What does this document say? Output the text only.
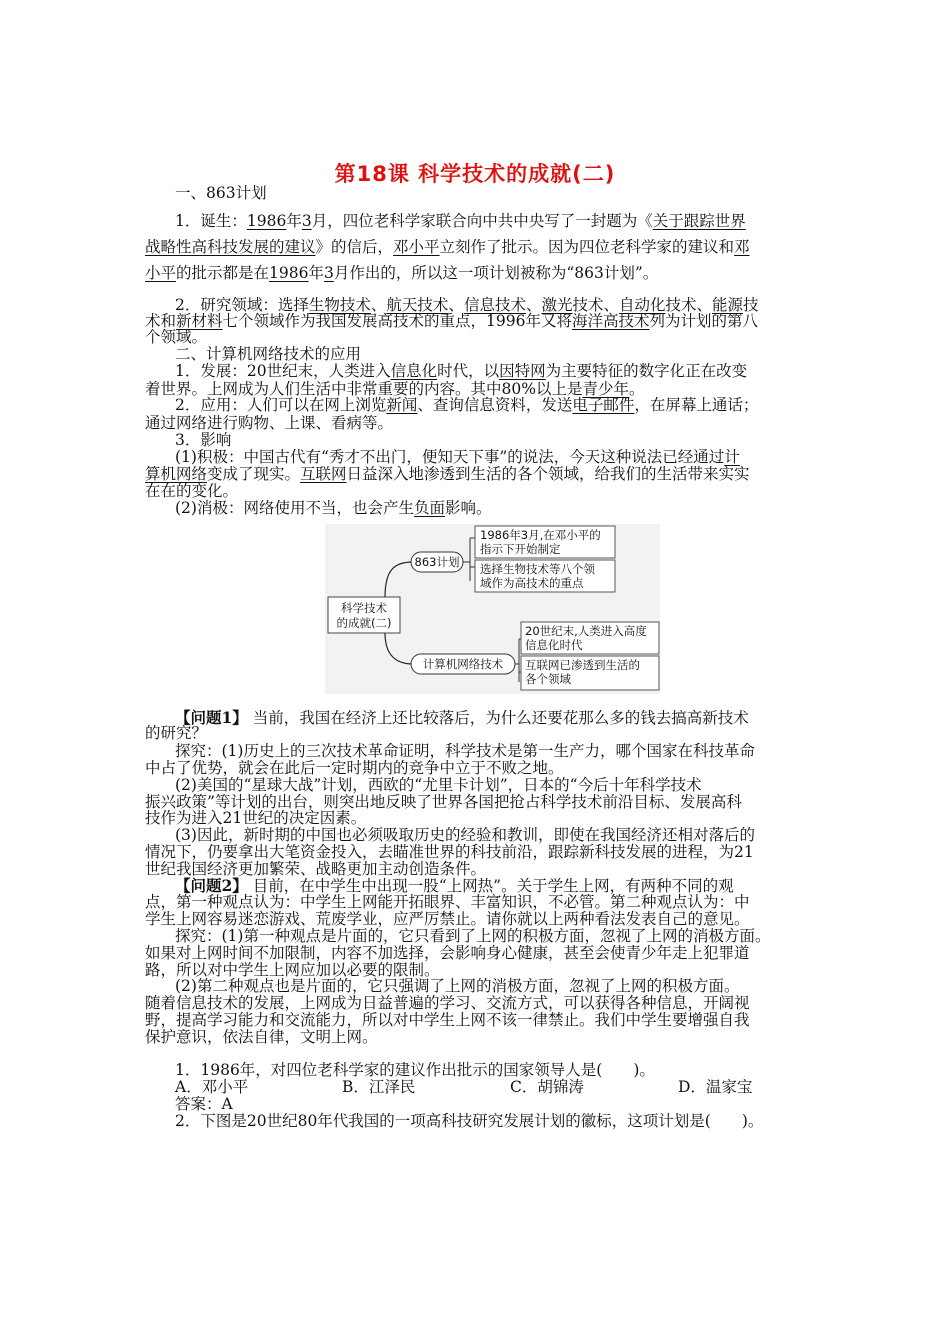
第18课 科学技术的成就(二)
一、863计划
1．诞生：1986年3月，四位老科学家联合向中共中央写了一封题为《关于跟踪世界
战略性高科技发展的建议》的信后，邓小平立刻作了批示。因为四位老科学家的建议和邓
小平的批示都是在1986年3月作出的，所以这一项计划被称为“863计划”。
2．研究领域：选择生物技术、航天技术、信息技术、激光技术、自动化技术、能源技
术和新材料七个领域作为我国发展高技术的重点，1996年又将海洋高技术列为计划的第八
个领域。
二、计算机网络技术的应用
1．发展：20世纪末，人类进入信息化时代，以因特网为主要特征的数字化正在改变
着世界。上网成为人们生活中非常重要的内容。其中80%以上是青少年。
2．应用：人们可以在网上浏览新闻、查询信息资料，发送电子邮件，在屏幕上通话；
通过网络进行购物、上课、看病等。
3．影响
(1)积极：中国古代有“秀才不出门，便知天下事”的说法，今天这种说法已经通过计
算机网络变成了现实。互联网日益深入地渗透到生活的各个领域，给我们的生活带来实实
在在的变化。
(2)消极：网络使用不当，也会产生负面影响。
科学技术
的成就(二)
863计划
1986年3月,在邓小平的
指示下开始制定
选择生物技术等八个领
域作为高技术的重点
计算机网络技术
20世纪末,人类进入高度
信息化时代
互联网已渗透到生活的
各个领域
【问题1】 当前，我国在经济上还比较落后，为什么还要花那么多的钱去搞高新技术
的研究？
探究：(1)历史上的三次技术革命证明，科学技术是第一生产力，哪个国家在科技革命
中占了优势，就会在此后一定时期内的竞争中立于不败之地。
(2)美国的“星球大战”计划，西欧的“尤里卡计划”，日本的“今后十年科学技术
振兴政策”等计划的出台，则突出地反映了世界各国把抢占科学技术前沿目标、发展高科
技作为进入21世纪的决定因素。
(3)因此，新时期的中国也必须吸取历史的经验和教训，即使在我国经济还相对落后的
情况下，仍要拿出大笔资金投入，去瞄准世界的科技前沿，跟踪新科技发展的进程，为21
世纪我国经济更加繁荣、战略更加主动创造条件。
【问题2】 目前，在中学生中出现一股“上网热”。关于学生上网，有两种不同的观
点，第一种观点认为：中学生上网能开拓眼界、丰富知识，不必管。第二种观点认为：中
学生上网容易迷恋游戏、荒废学业，应严厉禁止。请你就以上两种看法发表自己的意见。
探究：(1)第一种观点是片面的，它只看到了上网的积极方面，忽视了上网的消极方面。
如果对上网时间不加限制，内容不加选择，会影响身心健康，甚至会使青少年走上犯罪道
路，所以对中学生上网应加以必要的限制。
(2)第二种观点也是片面的，它只强调了上网的消极方面，忽视了上网的积极方面。
随着信息技术的发展，上网成为日益普遍的学习、交流方式，可以获得各种信息，开阔视
野，提高学习能力和交流能力，所以对中学生上网不该一律禁止。我们中学生要增强自我
保护意识，依法自律，文明上网。
1．1986年，对四位老科学家的建议作出批示的国家领导人是(　　)。
A．邓小平	B．江泽民	C．胡锦涛	D．温家宝
答案：A
2．下图是20世纪80年代我国的一项高科技研究发展计划的徽标，这项计划是(　　)。
